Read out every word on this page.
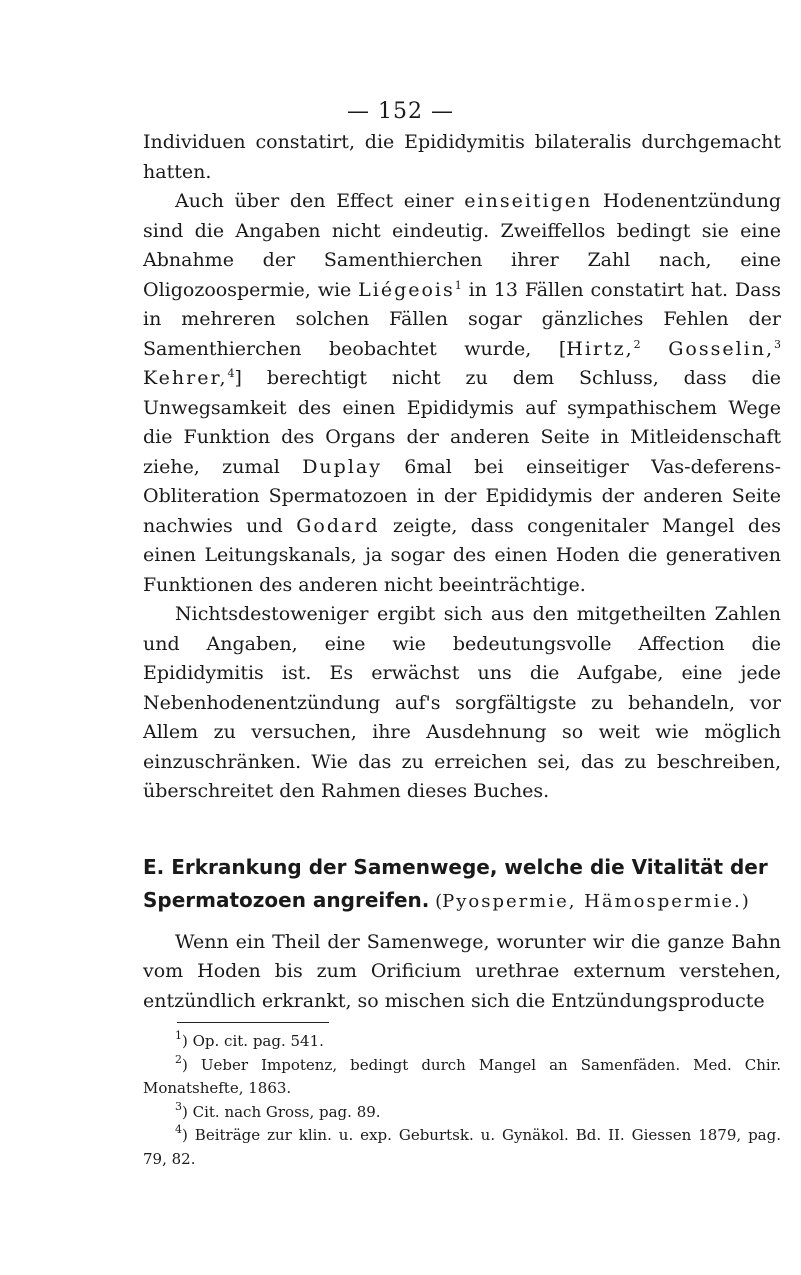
— 152 —

Individuen constatirt, die Epididymitis bilateralis durchgemacht hatten.

Auch über den Effect einer einseitigen Hodenentzündung sind die Angaben nicht eindeutig. Zweiffellos bedingt sie eine Abnahme der Samenthierchen ihrer Zahl nach, eine Oligozoospermie, wie Liégeois$^1$ in 13 Fällen constatirt hat. Dass in mehreren solchen Fällen sogar gänzliches Fehlen der Samenthierchen beobachtet wurde, [Hirtz,$^2$ Gosselin,$^3$ Kehrer,$^4$] berechtigt nicht zu dem Schluss, dass die Unwegsamkeit des einen Epididymis auf sympathischem Wege die Funktion des Organs der anderen Seite in Mitleidenschaft ziehe, zumal Duplay 6mal bei einseitiger Vas-deferens-Obliteration Spermatozoen in der Epididymis der anderen Seite nachwies und Godard zeigte, dass congenitaler Mangel des einen Leitungskanals, ja sogar des einen Hoden die generativen Funktionen des anderen nicht beeinträchtige.

Nichtsdestoweniger ergibt sich aus den mitgetheilten Zahlen und Angaben, eine wie bedeutungsvolle Affection die Epididymitis ist. Es erwächst uns die Aufgabe, eine jede Nebenhodenentzündung auf's sorgfältigste zu behandeln, vor Allem zu versuchen, ihre Ausdehnung so weit wie möglich einzuschränken. Wie das zu erreichen sei, das zu beschreiben, überschreitet den Rahmen dieses Buches.

E. Erkrankung der Samenwege, welche die Vitalität der Spermatozoen angreifen. (Pyospermie, Hämospermie.)

Wenn ein Theil der Samenwege, worunter wir die ganze Bahn vom Hoden bis zum Orificium urethrae externum verstehen, entzündlich erkrankt, so mischen sich die Entzündungsproducte

$^1$) Op. cit. pag. 541.

$^2$) Ueber Impotenz, bedingt durch Mangel an Samenfäden. Med. Chir. Monatshefte, 1863.

$^3$) Cit. nach Gross, pag. 89.

$^4$) Beiträge zur klin. u. exp. Geburtsk. u. Gynäkol. Bd. II. Giessen 1879, pag. 79, 82.
